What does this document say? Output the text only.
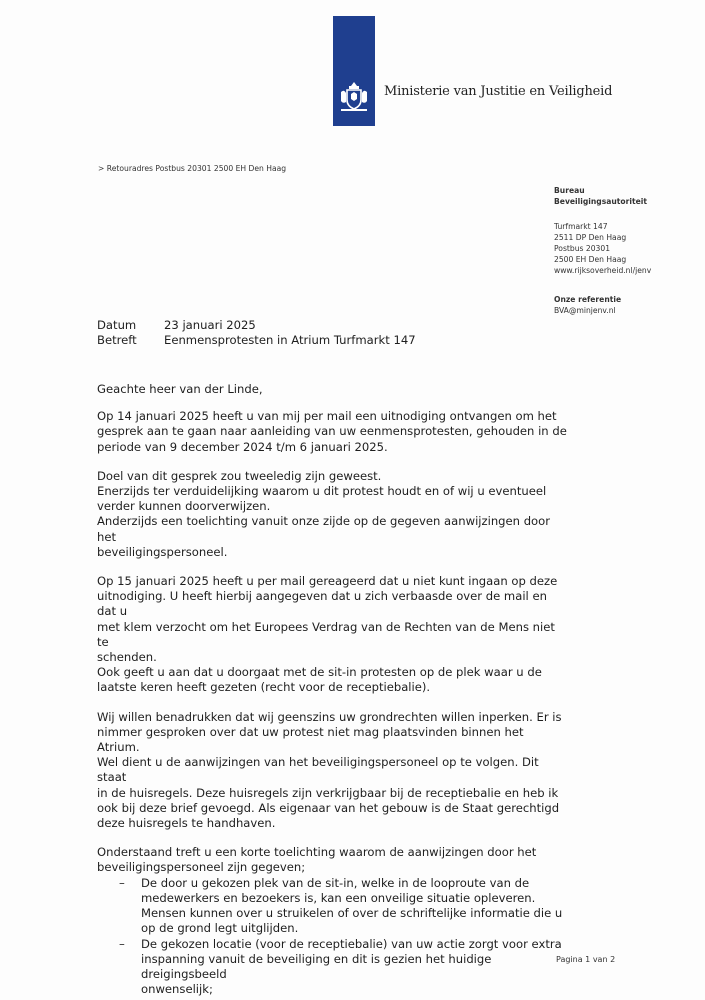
Ministerie van Justitie en Veiligheid
> Retouradres Postbus 20301 2500 EH Den Haag
Bureau
Beveiligingsautoriteit
Turfmarkt 147
2511 DP Den Haag
Postbus 20301
2500 EH Den Haag
www.rijksoverheid.nl/jenv
Onze referentie
BVA@minjenv.nl
Datum	23 januari 2025
Betreft	Eenmensprotesten in Atrium Turfmarkt 147

Geachte heer van der Linde,

Op 14 januari 2025 heeft u van mij per mail een uitnodiging ontvangen om het
gesprek aan te gaan naar aanleiding van uw eenmensprotesten, gehouden in de
periode van 9 december 2024 t/m 6 januari 2025.

Doel van dit gesprek zou tweeledig zijn geweest.
Enerzijds ter verduidelijking waarom u dit protest houdt en of wij u eventueel
verder kunnen doorverwijzen.
Anderzijds een toelichting vanuit onze zijde op de gegeven aanwijzingen door het
beveiligingspersoneel.

Op 15 januari 2025 heeft u per mail gereageerd dat u niet kunt ingaan op deze
uitnodiging. U heeft hierbij aangegeven dat u zich verbaasde over de mail en dat u
met klem verzocht om het Europees Verdrag van de Rechten van de Mens niet te
schenden.
Ook geeft u aan dat u doorgaat met de sit-in protesten op de plek waar u de
laatste keren heeft gezeten (recht voor de receptiebalie).

Wij willen benadrukken dat wij geenszins uw grondrechten willen inperken. Er is
nimmer gesproken over dat uw protest niet mag plaatsvinden binnen het Atrium.
Wel dient u de aanwijzingen van het beveiligingspersoneel op te volgen. Dit staat
in de huisregels. Deze huisregels zijn verkrijgbaar bij de receptiebalie en heb ik
ook bij deze brief gevoegd. Als eigenaar van het gebouw is de Staat gerechtigd
deze huisregels te handhaven.

Onderstaand treft u een korte toelichting waarom de aanwijzingen door het
beveiligingspersoneel zijn gegeven;

– De door u gekozen plek van de sit-in, welke in de looproute van de
medewerkers en bezoekers is, kan een onveilige situatie opleveren.
Mensen kunnen over u struikelen of over de schriftelijke informatie die u
op de grond legt uitglijden.
– De gekozen locatie (voor de receptiebalie) van uw actie zorgt voor extra
inspanning vanuit de beveiliging en dit is gezien het huidige dreigingsbeeld
onwenselijk;
Pagina 1 van 2
